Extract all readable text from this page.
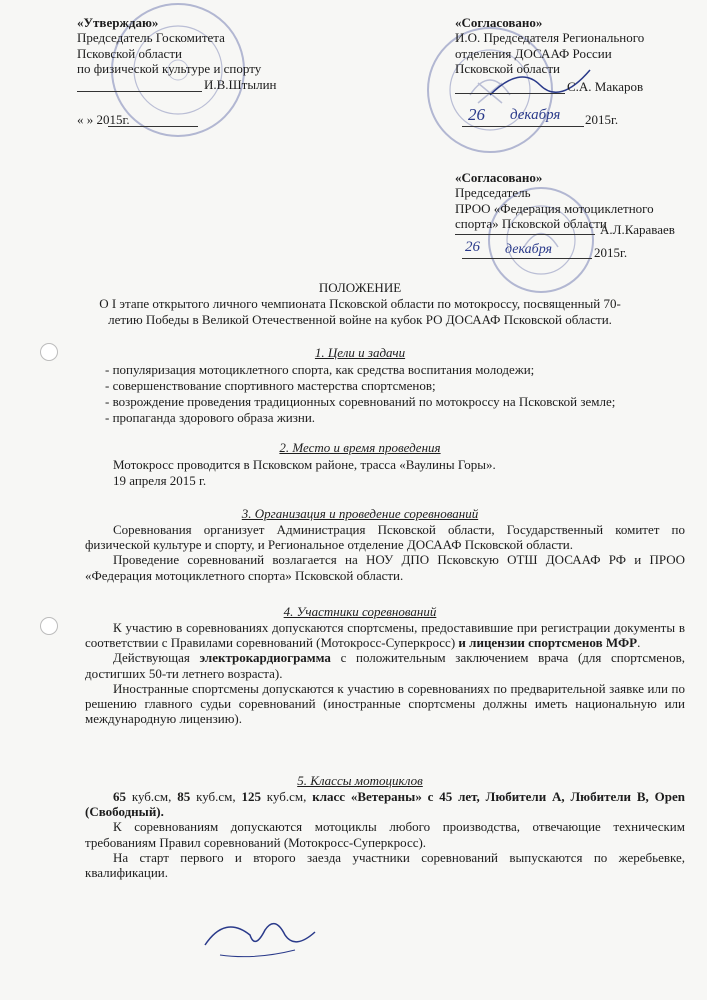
«Утверждаю»
Председатель Госкомитета
Псковской области
по физической культуре и спорту
И.В.Штылин
« » 2015г.
«Согласовано»
И.О. Председателя Регионального
отделения ДОСААФ России
Псковской области
С.А. Макаров
26 декабря 2015г.
«Согласовано»
Председатель
ПРОО «Федерация мотоциклетного
спорта» Псковской области
А.Л.Караваев
26 декабря	2015г.
ПОЛОЖЕНИЕ
О I этапе открытого личного чемпионата Псковской области по мотокроссу, посвященный 70-
летию Победы в Великой Отечественной войне на кубок РО ДОСААФ Псковской области.
1. Цели и задачи
- популяризация мотоциклетного спорта, как средства воспитания молодежи;
- совершенствование спортивного мастерства спортсменов;
- возрождение проведения традиционных соревнований по мотокроссу на Псковской земле;
- пропаганда здорового образа жизни.
2. Место и время проведения
Мотокросс проводится в Псковском районе, трасса «Ваулины Горы».
19 апреля 2015 г.
3. Организация и проведение соревнований

Соревнования организует Администрация Псковской области, Государственный комитет по физической культуре и спорту, и Региональное отделение ДОСААФ Псковской области.

Проведение соревнований возлагается на НОУ ДПО Псковскую ОТШ ДОСААФ РФ и ПРОО «Федерация мотоциклетного спорта» Псковской области.

4. Участники соревнований

К участию в соревнованиях допускаются спортсмены, предоставившие при регистрации документы в соответствии с Правилами соревнований (Мотокросс-Суперкросс) и лицензии спортсменов МФР.

Действующая электрокардиограмма с положительным заключением врача (для спортсменов, достигших 50-ти летнего возраста).

Иностранные спортсмены допускаются к участию в соревнованиях по предварительной заявке или по решению главного судьи соревнований (иностранные спортсмены должны иметь национальную или международную лицензию).

5. Классы мотоциклов

65 куб.см, 85 куб.см, 125 куб.см, класс «Ветераны» с 45 лет, Любители А, Любители В, Open (Свободный).

К соревнованиям допускаются мотоциклы любого производства, отвечающие техническим требованиям Правил соревнований (Мотокросс-Суперкросс).

На старт первого и второго заезда участники соревнований выпускаются по жеребьевке, квалификации.
